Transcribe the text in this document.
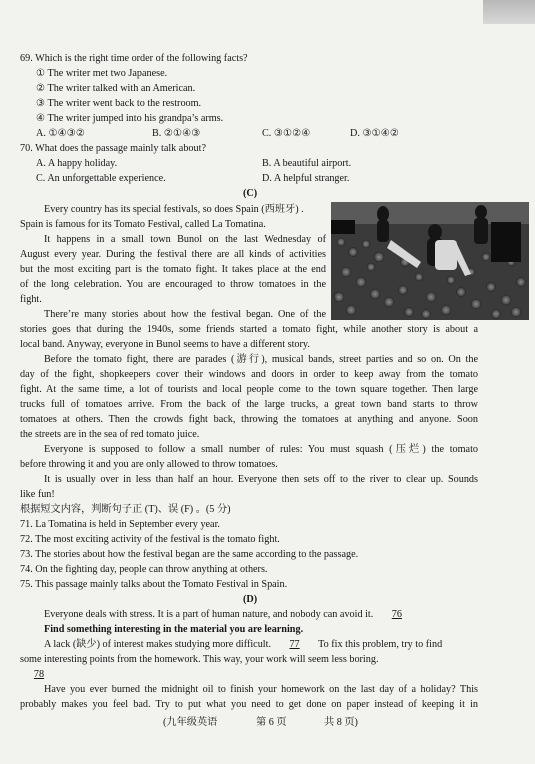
69. Which is the right time order of the following facts?
① The writer met two Japanese.
② The writer talked with an American.
③ The writer went back to the restroom.
④ The writer jumped into his grandpa’s arms.
A. ①④③②	B. ②①④③	C. ③①②④	D. ③①④②
70. What does the passage mainly talk about?
A. A happy holiday.	B. A beautiful airport.
C. An unforgettable experience.	D. A helpful stranger.
(C)
Every country has its special festivals, so does Spain (西班牙) .
Spain is famous for its Tomato Festival, called La Tomatina.
It happens in a small town Bunol on the last Wednesday of
August every year. During the festival there are all kinds of activities
but the most exciting part is the tomato fight. It takes place at the end
of the long celebration. You are encouraged to throw tomatoes in the
fight.
There’re many stories about how the festival began. One of the
stories goes that during the 1940s, some friends started a tomato fight, while another story is about a
local band. Anyway, everyone in Bunol seems to have a different story.
Before the tomato fight, there are parades (游行), musical bands, street parties and so on. On the
day of the fight, shopkeepers cover their windows and doors in order to keep away from the tomato
fight. At the same time, a lot of tourists and local people come to the town square together. Then large
trucks full of tomatoes arrive. From the back of the large trucks, a great town band starts to throw
tomatoes at others. Then the crowds fight back, throwing the tomatoes at anything and anyone. Soon
the streets are in the sea of red tomato juice.
Everyone is supposed to follow a small number of rules: You must squash (压烂) the tomato
before throwing it and you are only allowed to throw tomatoes.
It is usually over in less than half an hour. Everyone then sets off to the river to clear up. Sounds
like fun!
根据短文内容，判断句子正 (T)、误 (F) 。(5 分)
71. La Tomatina is held in September every year.
72. The most exciting activity of the festival is the tomato fight.
73. The stories about how the festival began are the same according to the passage.
74. On the fighting day, people can throw anything at others.
75. This passage mainly talks about the Tomato Festival in Spain.
(D)
Everyone deals with stress. It is a part of human nature, and nobody can avoid it. 76
Find something interesting in the material you are learning.
A lack (缺少) of interest makes studying more difficult. 77 To fix this problem, try to find
some interesting points from the homework. This way, your work will seem less boring.
78
Have you ever burned the midnight oil to finish your homework on the last day of a holiday? This
probably makes you feel bad. Try to put what you need to get done on paper instead of keeping it in
(九年级英语	第 6 页	共 8 页)
